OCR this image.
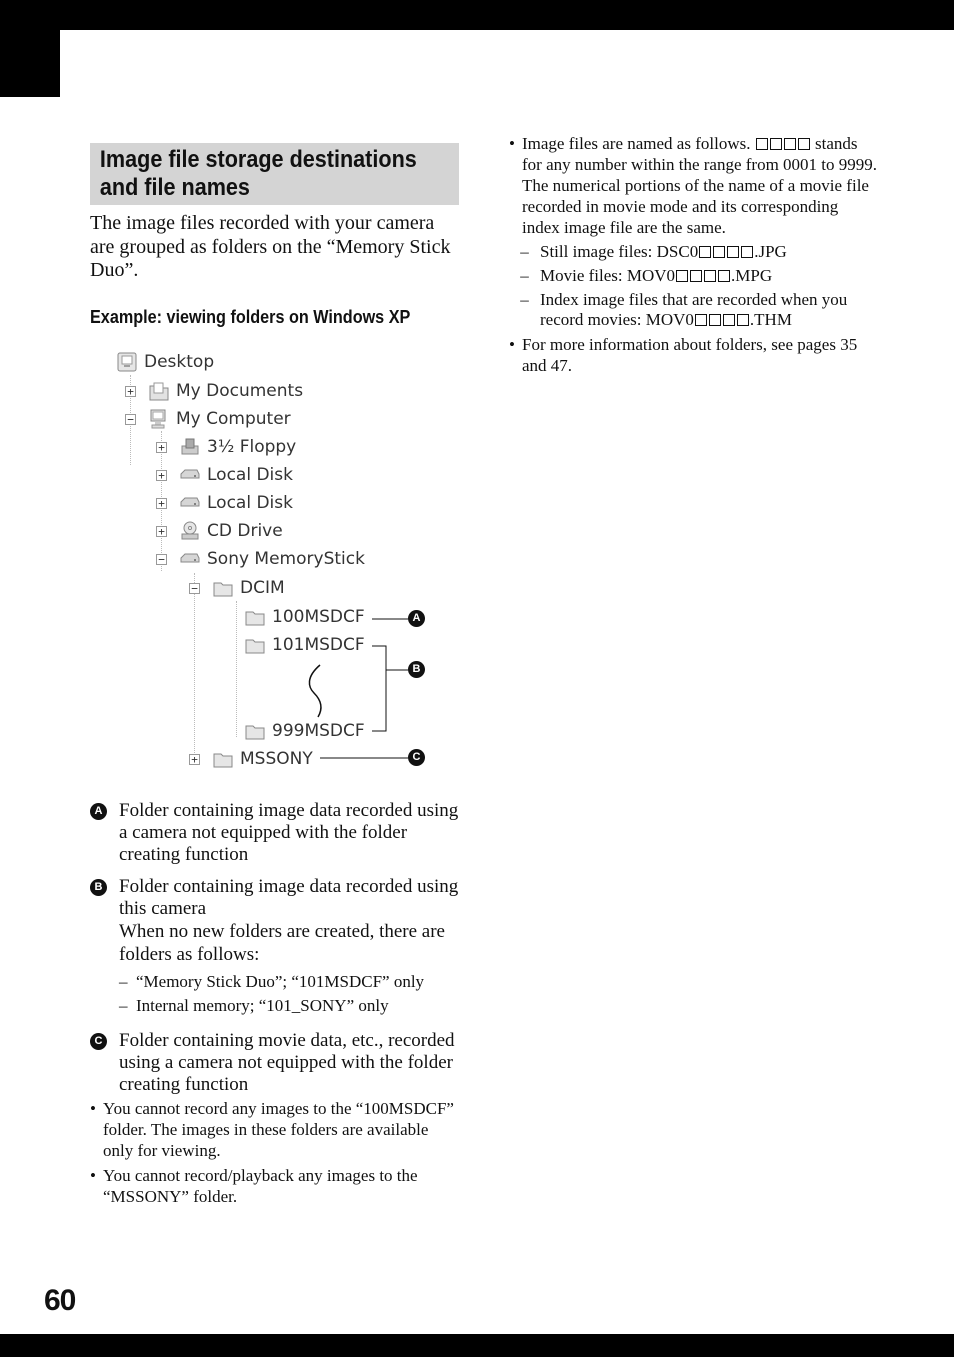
Image file storage destinations and file names
The image files recorded with your camera are grouped as folders on the “Memory Stick Duo”.
Example: viewing folders on Windows XP
Desktop
+ My Documents
− My Computer
+ 3½ Floppy
+ Local Disk
+ Local Disk
+ CD Drive
− Sony MemoryStick
− DCIM
100MSDCF
101MSDCF
999MSDCF
+ MSSONY
A
B
C
A Folder containing image data recorded using a camera not equipped with the folder creating function
B Folder containing image data recorded using this camera
When no new folders are created, there are folders as follows:
– “Memory Stick Duo”; “101MSDCF” only
– Internal memory; “101_SONY” only
C Folder containing movie data, etc., recorded using a camera not equipped with the folder creating function
• You cannot record any images to the “100MSDCF” folder. The images in these folders are available only for viewing.
• You cannot record/playback any images to the “MSSONY” folder.
• Image files are named as follows.	stands for any number within the range from 0001 to 9999. The numerical portions of the name of a movie file recorded in movie mode and its corresponding index image file are the same.
– Still image files: DSC0	.JPG
– Movie files: MOV0	.MPG
– Index image files that are recorded when you record movies: MOV0	.THM
• For more information about folders, see pages 35 and 47.
60
